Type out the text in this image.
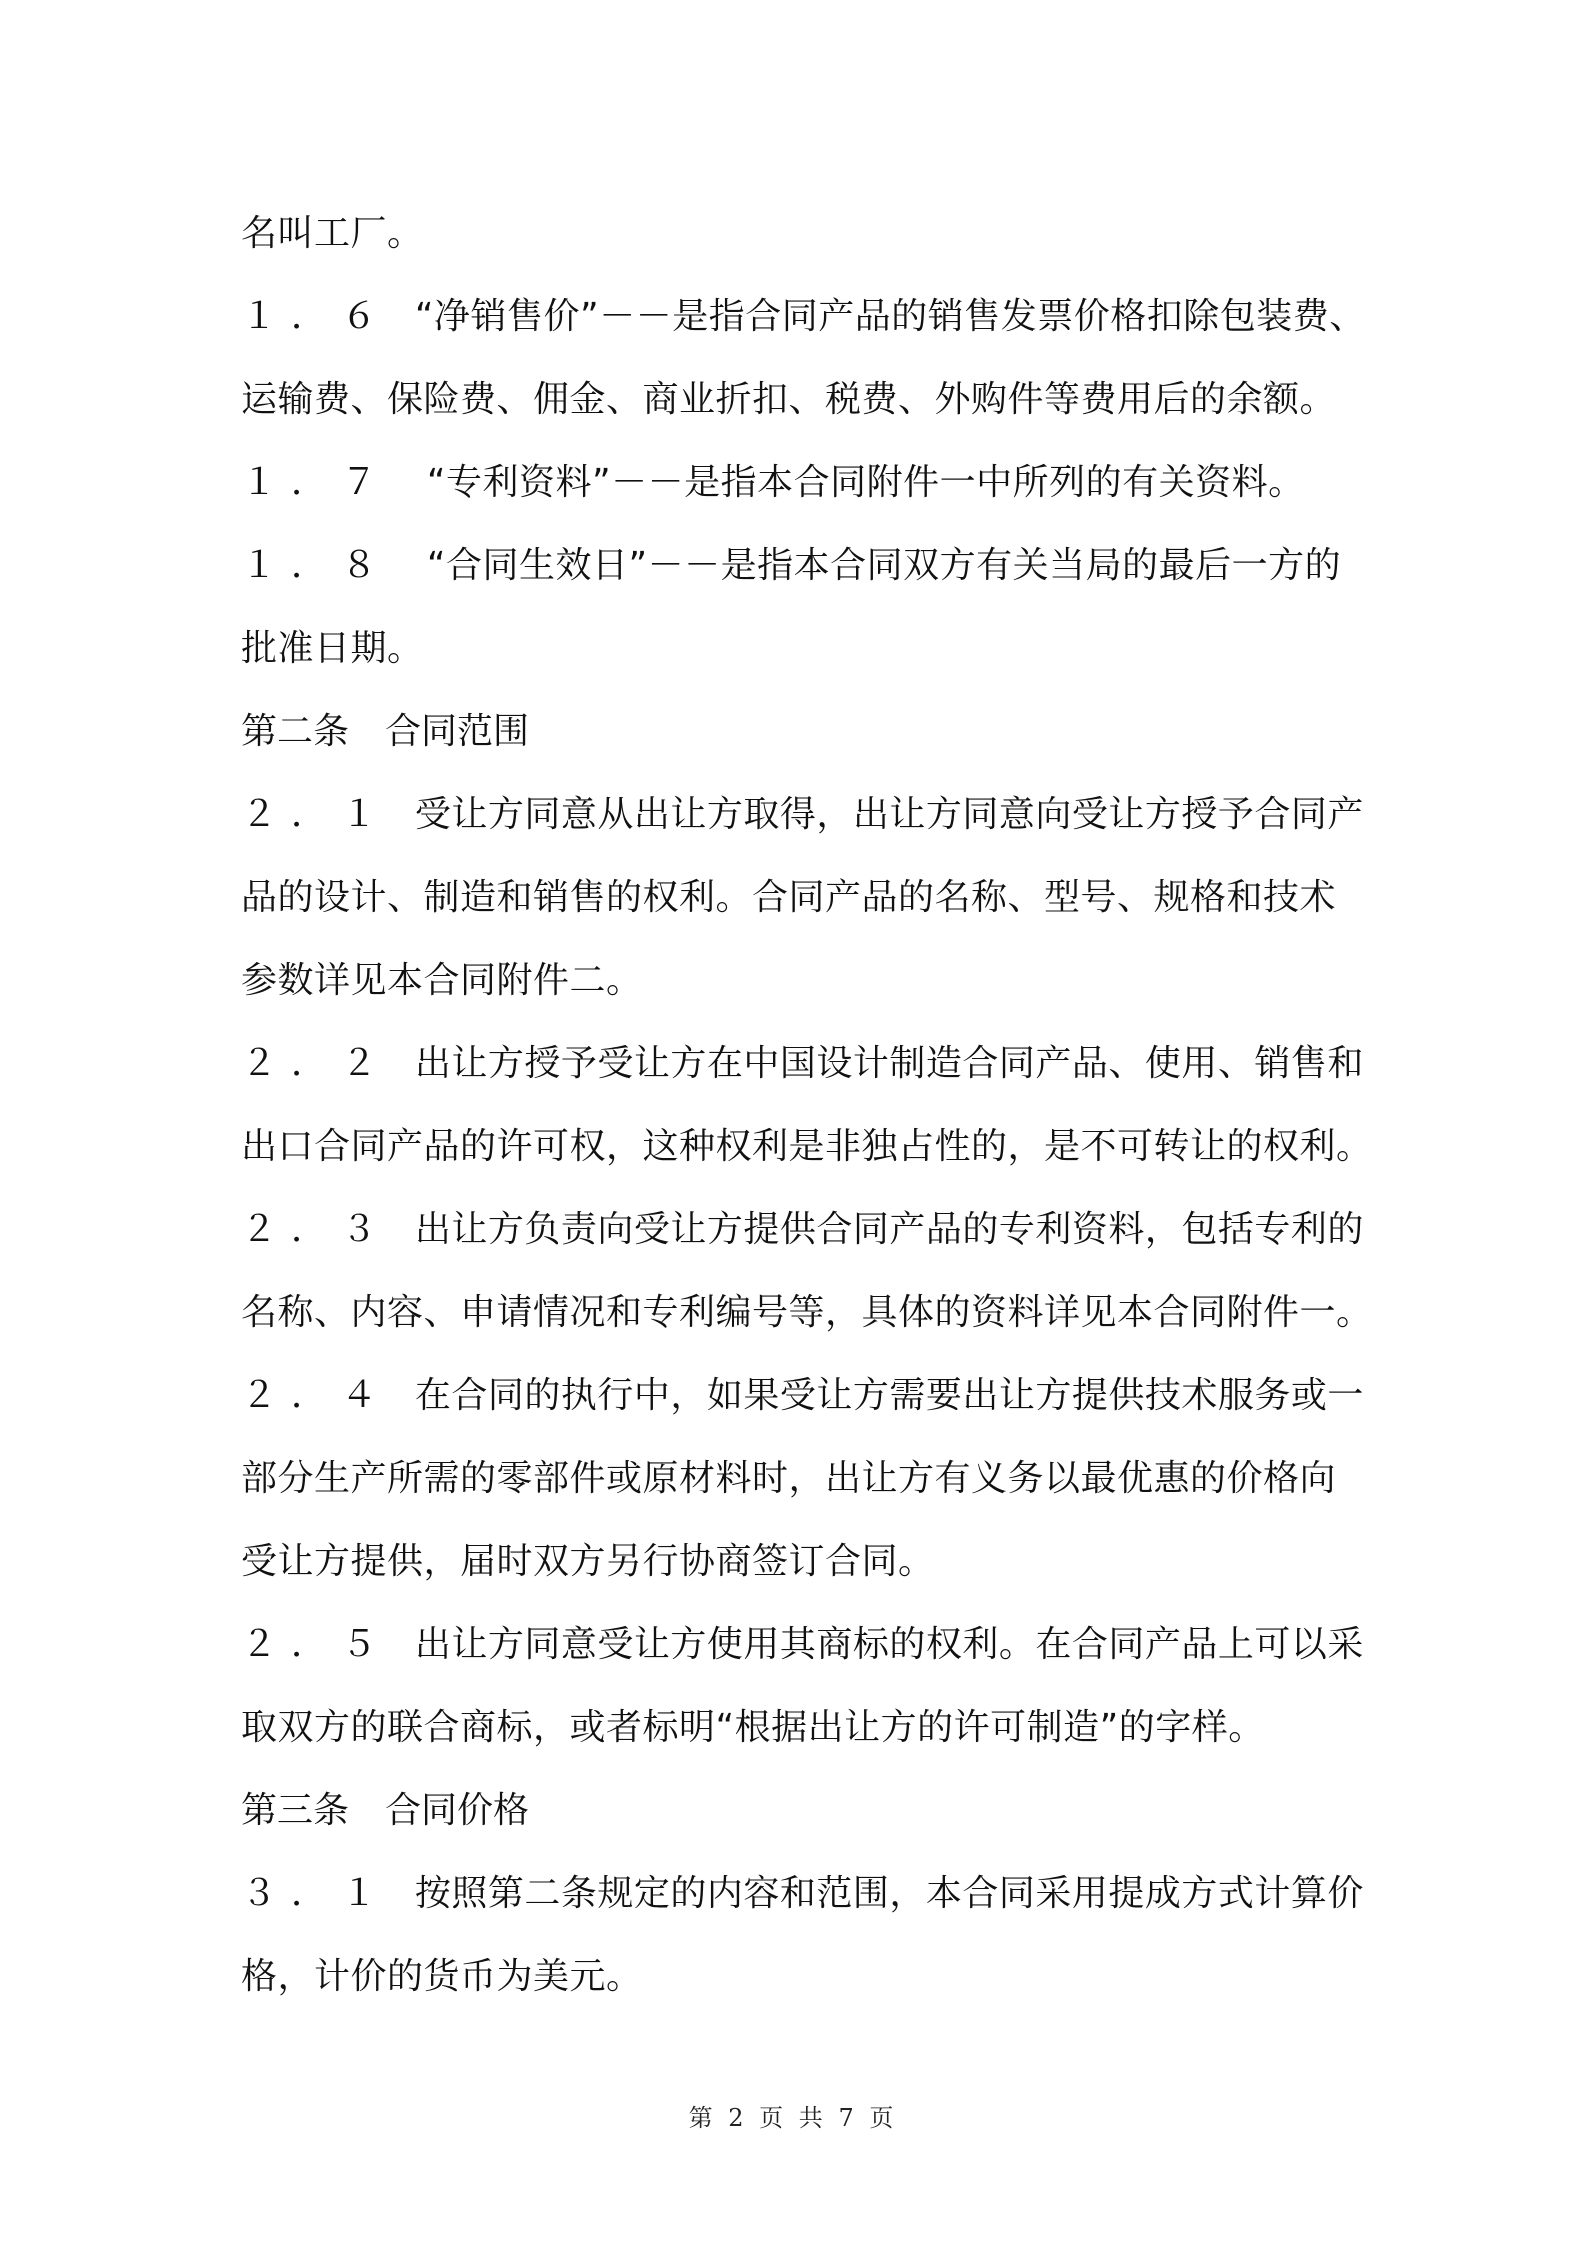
名叫工厂。
１．６ “净销售价”－－是指合同产品的销售发票价格扣除包装费、
运输费、保险费、佣金、商业折扣、税费、外购件等费用后的余额。
１．７ “专利资料”－－是指本合同附件一中所列的有关资料。
１．８ “合同生效日”－－是指本合同双方有关当局的最后一方的
批准日期。
第二条　合同范围
２．１ 受让方同意从出让方取得，出让方同意向受让方授予合同产
品的设计、制造和销售的权利。合同产品的名称、型号、规格和技术
参数详见本合同附件二。
２．２ 出让方授予受让方在中国设计制造合同产品、使用、销售和
出口合同产品的许可权，这种权利是非独占性的，是不可转让的权利。
２．３ 出让方负责向受让方提供合同产品的专利资料，包括专利的
名称、内容、申请情况和专利编号等，具体的资料详见本合同附件一。
２．４ 在合同的执行中，如果受让方需要出让方提供技术服务或一
部分生产所需的零部件或原材料时，出让方有义务以最优惠的价格向
受让方提供，届时双方另行协商签订合同。
２．５ 出让方同意受让方使用其商标的权利。在合同产品上可以采
取双方的联合商标，或者标明“根据出让方的许可制造”的字样。
第三条　合同价格
３．１ 按照第二条规定的内容和范围，本合同采用提成方式计算价
格，计价的货币为美元。
第 2 页 共 7 页
